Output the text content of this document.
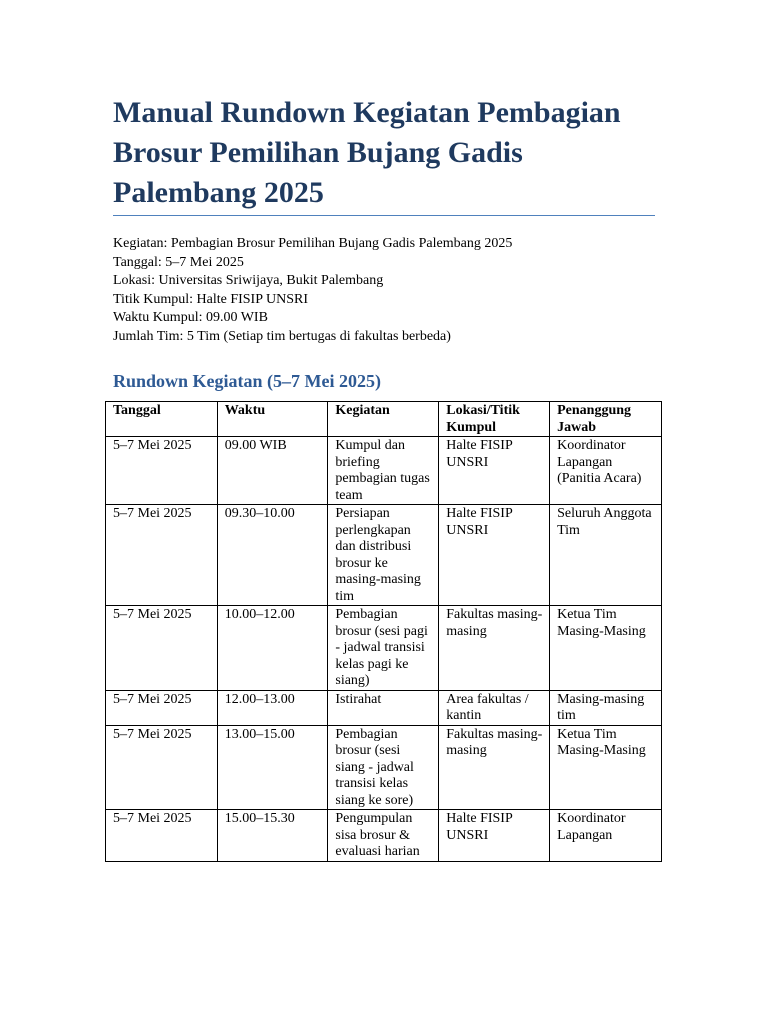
Manual Rundown Kegiatan Pembagian Brosur Pemilihan Bujang Gadis Palembang 2025
Kegiatan: Pembagian Brosur Pemilihan Bujang Gadis Palembang 2025
Tanggal: 5–7 Mei 2025
Lokasi: Universitas Sriwijaya, Bukit Palembang
Titik Kumpul: Halte FISIP UNSRI
Waktu Kumpul: 09.00 WIB
Jumlah Tim: 5 Tim (Setiap tim bertugas di fakultas berbeda)
Rundown Kegiatan (5–7 Mei 2025)
Tanggal	Waktu	Kegiatan	Lokasi/Titik Kumpul	Penanggung Jawab
5–7 Mei 2025	09.00 WIB	Kumpul dan briefing pembagian tugas team	Halte FISIP UNSRI	Koordinator Lapangan (Panitia Acara)
5–7 Mei 2025	09.30–10.00	Persiapan perlengkapan dan distribusi brosur ke masing-masing tim	Halte FISIP UNSRI	Seluruh Anggota Tim
5–7 Mei 2025	10.00–12.00	Pembagian brosur (sesi pagi - jadwal transisi kelas pagi ke siang)	Fakultas masing-masing	Ketua Tim Masing-Masing
5–7 Mei 2025	12.00–13.00	Istirahat	Area fakultas / kantin	Masing-masing tim
5–7 Mei 2025	13.00–15.00	Pembagian brosur (sesi siang - jadwal transisi kelas siang ke sore)	Fakultas masing-masing	Ketua Tim Masing-Masing
5–7 Mei 2025	15.00–15.30	Pengumpulan sisa brosur & evaluasi harian	Halte FISIP UNSRI	Koordinator Lapangan
